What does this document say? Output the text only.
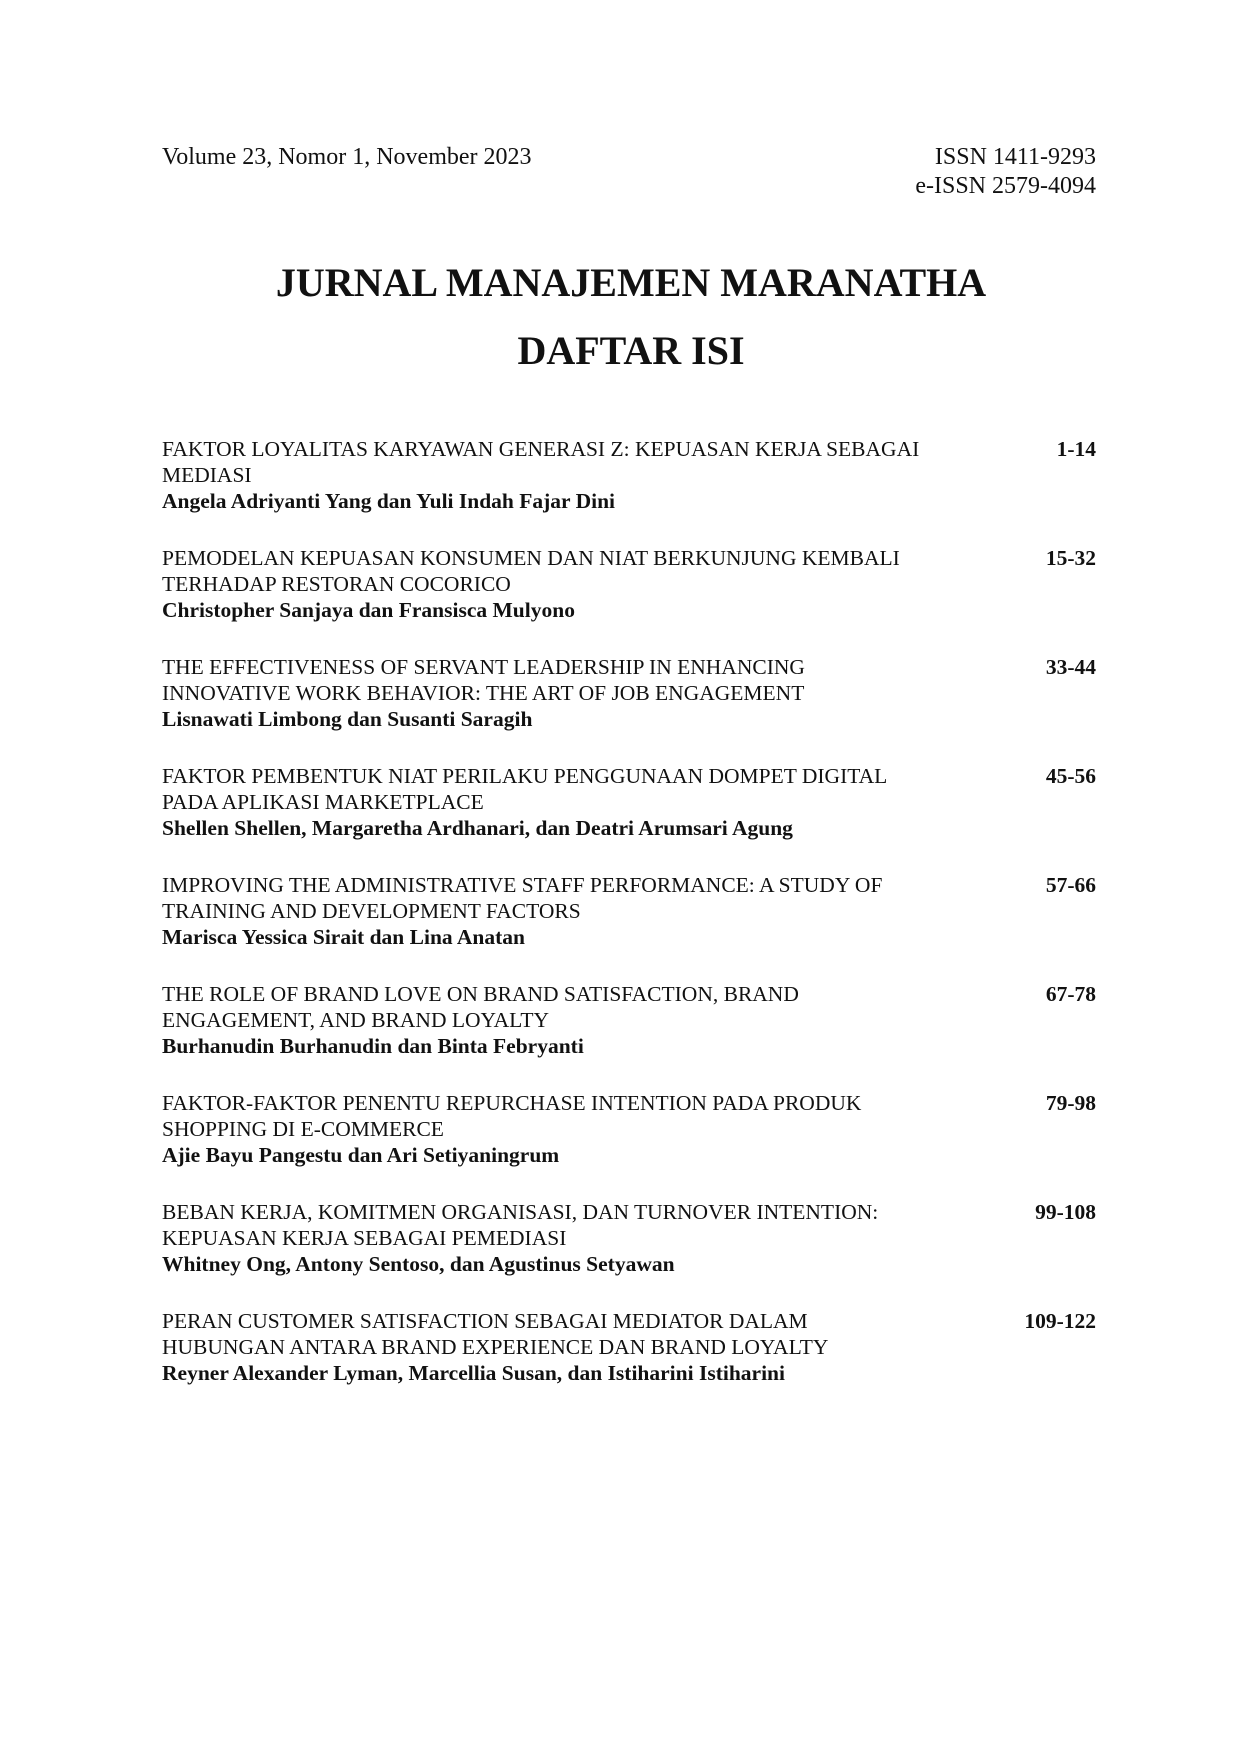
Volume 23, Nomor 1, November 2023	ISSN 1411-9293
e-ISSN 2579-4094
JURNAL MANAJEMEN MARANATHA
DAFTAR ISI
FAKTOR LOYALITAS KARYAWAN GENERASI Z: KEPUASAN KERJA SEBAGAI MEDIASI
Angela Adriyanti Yang dan Yuli Indah Fajar Dini
1-14
PEMODELAN KEPUASAN KONSUMEN DAN NIAT BERKUNJUNG KEMBALI TERHADAP RESTORAN COCORICO
Christopher Sanjaya dan Fransisca Mulyono
15-32
THE EFFECTIVENESS OF SERVANT LEADERSHIP IN ENHANCING INNOVATIVE WORK BEHAVIOR: THE ART OF JOB ENGAGEMENT
Lisnawati Limbong dan Susanti Saragih
33-44
FAKTOR PEMBENTUK NIAT PERILAKU PENGGUNAAN DOMPET DIGITAL PADA APLIKASI MARKETPLACE
Shellen Shellen, Margaretha Ardhanari, dan Deatri Arumsari Agung
45-56
IMPROVING THE ADMINISTRATIVE STAFF PERFORMANCE: A STUDY OF TRAINING AND DEVELOPMENT FACTORS
Marisca Yessica Sirait dan Lina Anatan
57-66
THE ROLE OF BRAND LOVE ON BRAND SATISFACTION, BRAND ENGAGEMENT, AND BRAND LOYALTY
Burhanudin Burhanudin dan Binta Febryanti
67-78
FAKTOR-FAKTOR PENENTU REPURCHASE INTENTION PADA PRODUK SHOPPING DI E-COMMERCE
Ajie Bayu Pangestu dan Ari Setiyaningrum
79-98
BEBAN KERJA, KOMITMEN ORGANISASI, DAN TURNOVER INTENTION: KEPUASAN KERJA SEBAGAI PEMEDIASI
Whitney Ong, Antony Sentoso, dan Agustinus Setyawan
99-108
PERAN CUSTOMER SATISFACTION SEBAGAI MEDIATOR DALAM HUBUNGAN ANTARA BRAND EXPERIENCE DAN BRAND LOYALTY
Reyner Alexander Lyman, Marcellia Susan, dan Istiharini Istiharini
109-122
